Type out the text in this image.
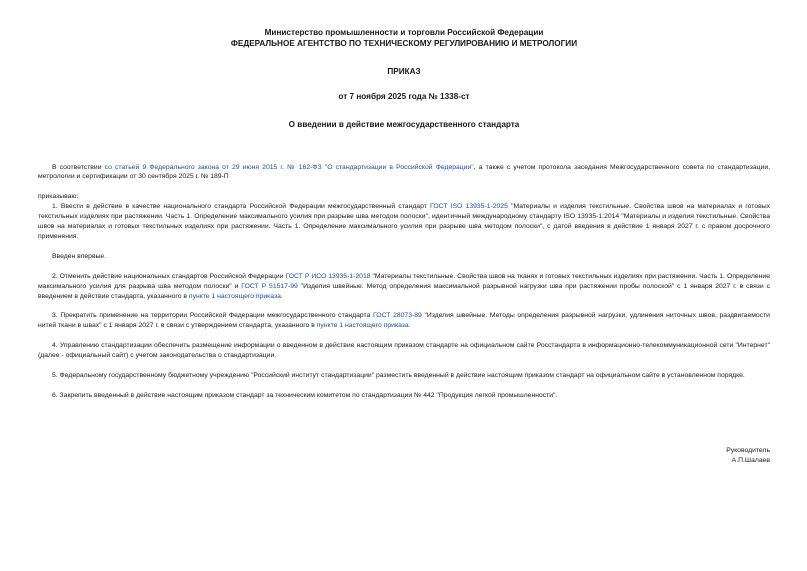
Министерство промышленности и торговли Российской Федерации
ФЕДЕРАЛЬНОЕ АГЕНТСТВО ПО ТЕХНИЧЕСКОМУ РЕГУЛИРОВАНИЮ И МЕТРОЛОГИИ
ПРИКАЗ
от 7 ноября 2025 года № 1338-ст
О введении в действие межгосударственного стандарта

В соответствии со статьей 9 Федерального закона от 29 июня 2015 г. № 162-ФЗ "О стандартизации в Российской Федерации", а также с учетом протокола заседания Межгосударственного совета по стандартизации, метрологии и сертификации от 30 сентября 2025 г. № 189-П

приказываю:

1. Ввести в действие в качестве национального стандарта Российской Федерации межгосударственный стандарт ГОСТ ISO 13935-1-2025 "Материалы и изделия текстильные. Свойства швов на материалах и готовых текстильных изделиях при растяжении. Часть 1. Определение максимального усилия при разрыве шва методом полоски", идентичный международному стандарту ISO 13935-1:2014 "Материалы и изделия текстильные. Свойства швов на материалах и готовых текстильных изделиях при растяжении. Часть 1. Определение максимального усилия при разрыве шва методом полоски", с датой введения в действие 1 января 2027 г. с правом досрочного применения.

Введен впервые.

2. Отменить действие национальных стандартов Российской Федерации ГОСТ Р ИСО 13935-1-2018 "Материалы текстильные. Свойства швов на тканях и готовых текстильных изделиях при растяжении. Часть 1. Определение максимального усилия для разрыва шва методом полоски" и ГОСТ Р 51517-99 "Изделия швейные. Метод определения максимальной разрывной нагрузки шва при растяжении пробы полоской" с 1 января 2027 г. в связи с введением в действие стандарта, указанного в пункте 1 настоящего приказа.

3. Прекратить применение на территории Российской Федерации межгосударственного стандарта ГОСТ 28073-89 "Изделия швейные. Методы определения разрывной нагрузки, удлинения ниточных швов, раздвигаемости нитей ткани в швах" с 1 января 2027 г. в связи с утверждением стандарта, указанного в пункте 1 настоящего приказа.

4. Управлению стандартизации обеспечить размещение информации о введенном в действие настоящим приказом стандарте на официальном сайте Росстандарта в информационно-телекоммуникационной сети "Интернет" (далее - официальный сайт) с учетом законодательства о стандартизации.

5. Федеральному государственному бюджетному учреждению "Российский институт стандартизации" разместить введенный в действие настоящим приказом стандарт на официальном сайте в установленном порядке.

6. Закрепить введенный в действие настоящим приказом стандарт за техническим комитетом по стандартизации № 442 "Продукция легкой промышленности".

Руководитель
А.П.Шалаев
